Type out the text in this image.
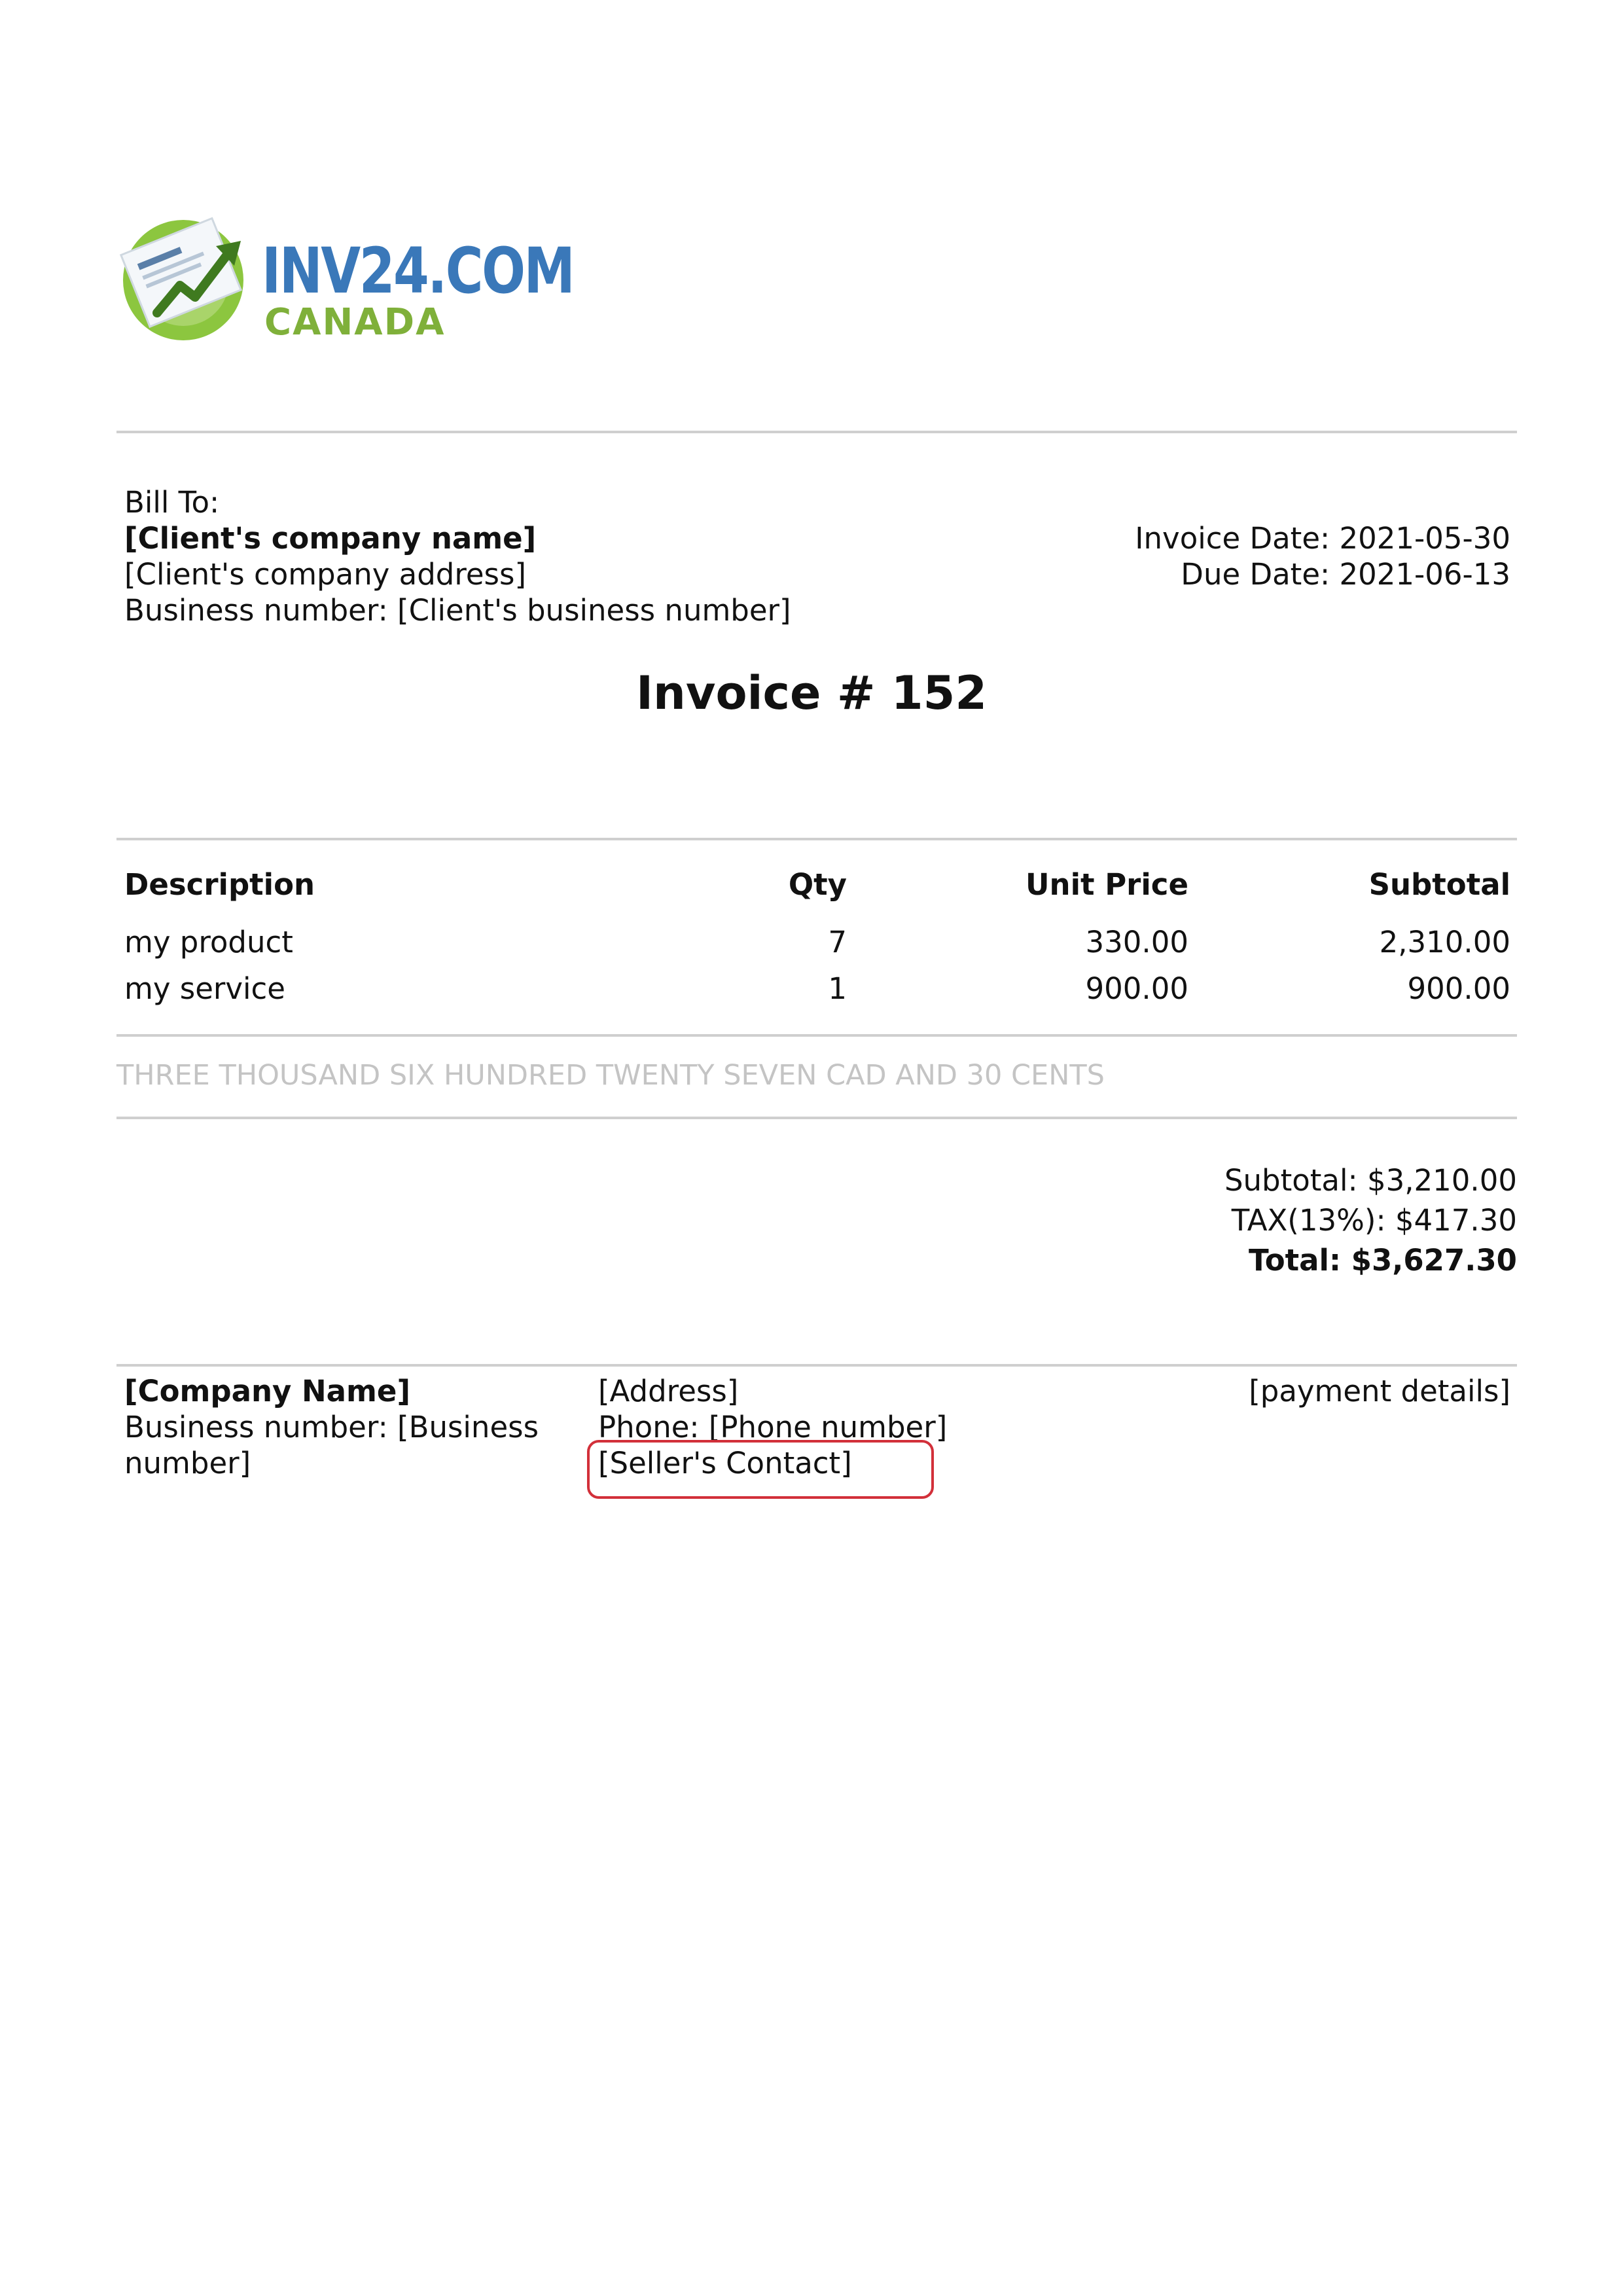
INV24.COM
CANADA
Bill To:
[Client's company name]
[Client's company address]
Business number: [Client's business number]
Invoice Date: 2021-05-30
Due Date: 2021-06-13
Invoice # 152
Description	Qty	Unit Price	Subtotal
my product	7	330.00	2,310.00
my service	1	900.00	900.00
THREE THOUSAND SIX HUNDRED TWENTY SEVEN CAD AND 30 CENTS
Subtotal: $3,210.00
TAX(13%): $417.30
Total: $3,627.30
[Company Name]
Business number: [Business
number]
[Address]
Phone: [Phone number]
[Seller's Contact]
[payment details]
